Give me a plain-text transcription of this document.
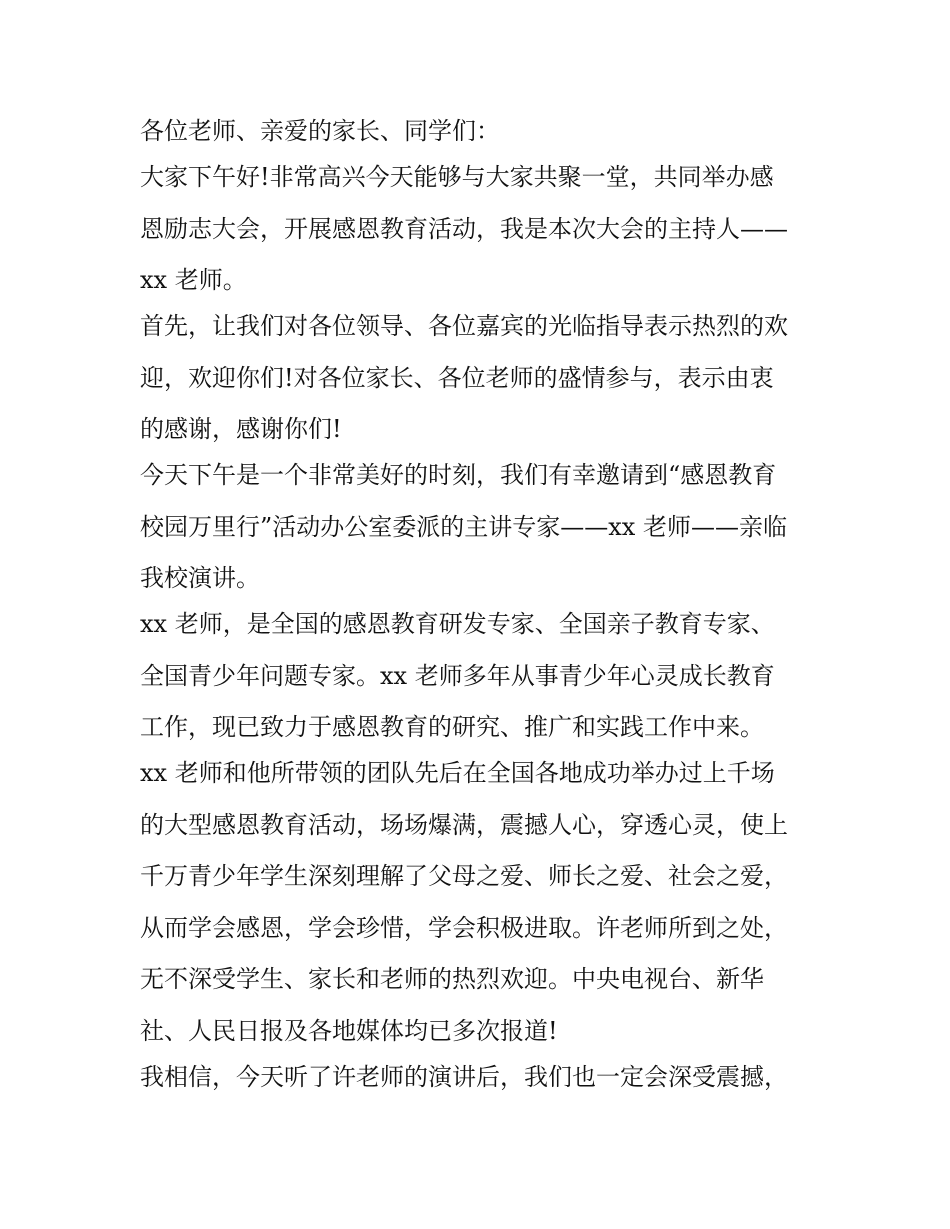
各位老师、亲爱的家长、同学们：
大家下午好!非常高兴今天能够与大家共聚一堂，共同举办感
恩励志大会，开展感恩教育活动，我是本次大会的主持人——
xx 老师。
首先，让我们对各位领导、各位嘉宾的光临指导表示热烈的欢
迎，欢迎你们!对各位家长、各位老师的盛情参与，表示由衷
的感谢，感谢你们!
今天下午是一个非常美好的时刻，我们有幸邀请到“感恩教育
校园万里行”活动办公室委派的主讲专家——xx 老师——亲临
我校演讲。
xx 老师，是全国的感恩教育研发专家、全国亲子教育专家、
全国青少年问题专家。xx 老师多年从事青少年心灵成长教育
工作，现已致力于感恩教育的研究、推广和实践工作中来。
xx 老师和他所带领的团队先后在全国各地成功举办过上千场
的大型感恩教育活动，场场爆满，震撼人心，穿透心灵，使上
千万青少年学生深刻理解了父母之爱、师长之爱、社会之爱，
从而学会感恩，学会珍惜，学会积极进取。许老师所到之处，
无不深受学生、家长和老师的热烈欢迎。中央电视台、新华
社、人民日报及各地媒体均已多次报道!
我相信，今天听了许老师的演讲后，我们也一定会深受震撼，
